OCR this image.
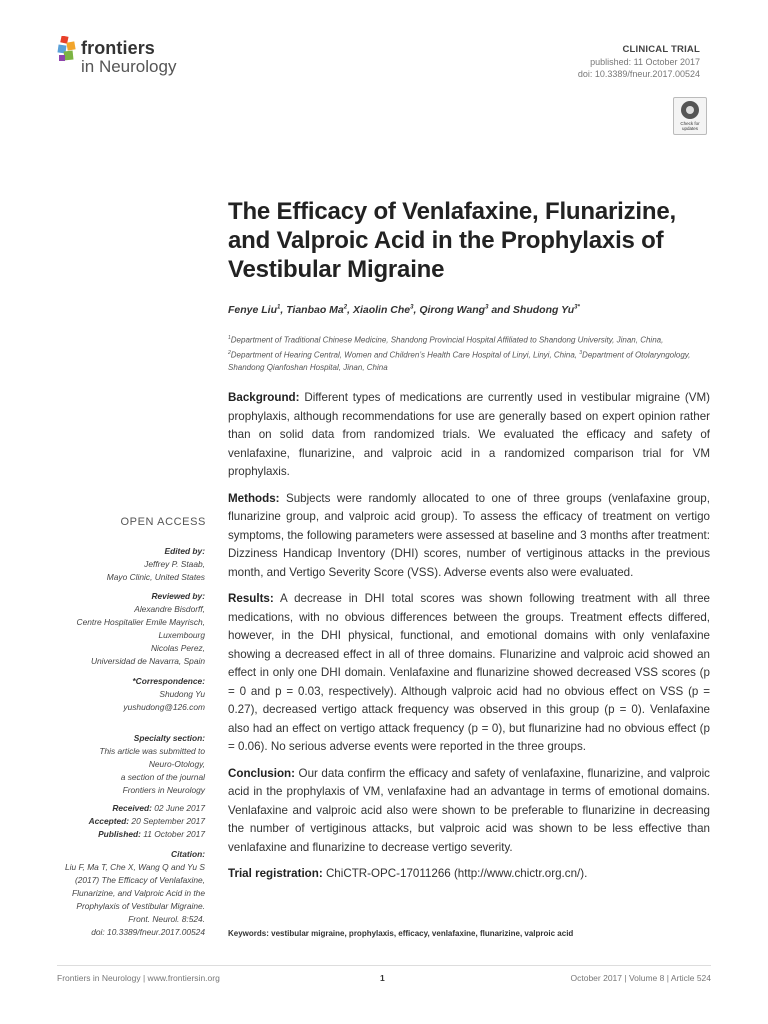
frontiers
in Neurology
CLINICAL TRIAL
published: 11 October 2017
doi: 10.3389/fneur.2017.00524
Check for updates
The Efficacy of Venlafaxine, Flunarizine, and Valproic Acid in the Prophylaxis of Vestibular Migraine
Fenye Liu$^1$, Tianbao Ma$^2$, Xiaolin Che$^3$, Qirong Wang$^3$ and Shudong $Yu^{3*}$
$^1$Department of Traditional Chinese Medicine, Shandong Provincial Hospital Affiliated to Shandong University, Jinan, China, $^2$Department of Hearing Central, Women and Children’s Health Care Hospital of Linyi, Linyi, China, $^3$Department of Otolaryngology, Shandong Qianfoshan Hospital, Jinan, China

Background: Different types of medications are currently used in vestibular migraine (VM) prophylaxis, although recommendations for use are generally based on expert opinion rather than on solid data from randomized trials. We evaluated the efficacy and safety of venlafaxine, flunarizine, and valproic acid in a randomized comparison trial for VM prophylaxis.

Methods: Subjects were randomly allocated to one of three groups (venlafaxine group, flunarizine group, and valproic acid group). To assess the efficacy of treatment on vertigo symptoms, the following parameters were assessed at baseline and 3 months after treatment: Dizziness Handicap Inventory (DHI) scores, number of vertiginous attacks in the previous month, and Vertigo Severity Score (VSS). Adverse events also were evaluated.

Results: A decrease in DHI total scores was shown following treatment with all three medications, with no obvious differences between the groups. Treatment effects differed, however, in the DHI physical, functional, and emotional domains with only venlafaxine showing a decreased effect in all of three domains. Flunarizine and valproic acid showed an effect in only one DHI domain. Venlafaxine and flunarizine showed decreased VSS scores (p = 0 and p = 0.03, respectively). Although valproic acid had no obvious effect on VSS (p = 0.27), decreased vertigo attack frequency was observed in this group (p = 0). Venlafaxine also had an effect on vertigo attack frequency (p = 0), but flunarizine had no obvious effect (p = 0.06). No serious adverse events were reported in the three groups.

Conclusion: Our data confirm the efficacy and safety of venlafaxine, flunarizine, and valproic acid in the prophylaxis of VM, venlafaxine had an advantage in terms of emotional domains. Venlafaxine and valproic acid also were shown to be preferable to flunarizine in decreasing the number of vertiginous attacks, but valproic acid was shown to be less effective than venlafaxine and flunarizine to decrease vertigo severity.

Trial registration: ChiCTR-OPC-17011266 (http://www.chictr.org.cn/).

Keywords: vestibular migraine, prophylaxis, efficacy, venlafaxine, flunarizine, valproic acid
OPEN ACCESS
Edited by:
Jeffrey P. Staab,
Mayo Clinic, United States
Reviewed by:
Alexandre Bisdorff,
Centre Hospitalier Emile Mayrisch,
Luxembourg
Nicolas Perez,
Universidad de Navarra, Spain
*Correspondence:
Shudong Yu
yushudong@126.com
Specialty section:
This article was submitted to
Neuro-Otology,
a section of the journal
Frontiers in Neurology
Received: 02 June 2017
Accepted: 20 September 2017
Published: 11 October 2017
Citation:
Liu F, Ma T, Che X, Wang Q and Yu S
(2017) The Efficacy of Venlafaxine,
Flunarizine, and Valproic Acid in the
Prophylaxis of Vestibular Migraine.
Front. Neurol. 8:524.
doi: 10.3389/fneur.2017.00524
Frontiers in Neurology | www.frontiersin.org	1	October 2017 | Volume 8 | Article 524
